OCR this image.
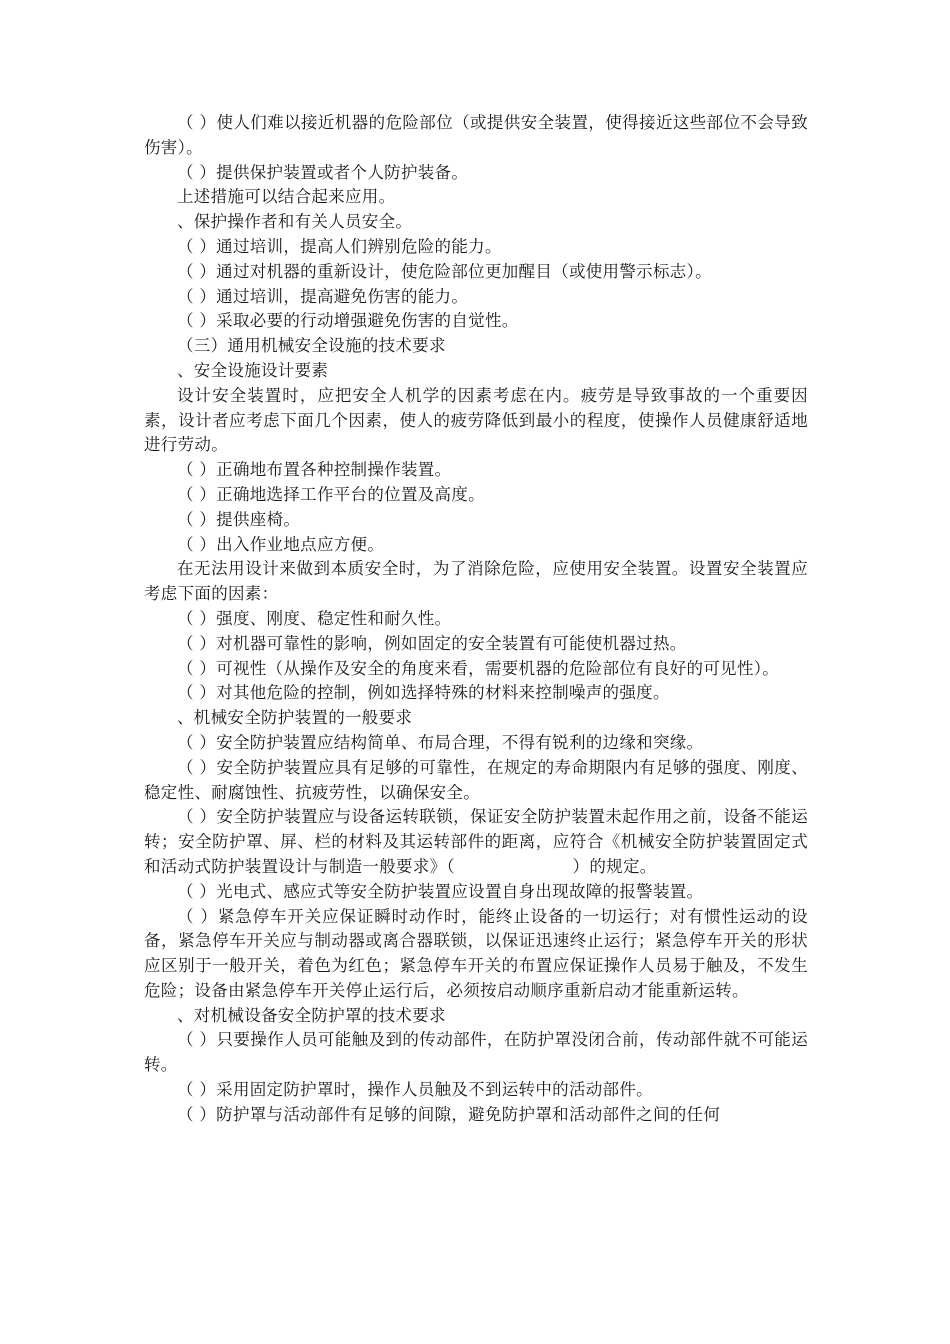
（ ）使人们难以接近机器的危险部位（或提供安全装置，使得接近这些部位不会导致伤害）。

（ ）提供保护装置或者个人防护装备。

上述措施可以结合起来应用。

、保护操作者和有关人员安全。

（ ）通过培训，提高人们辨别危险的能力。

（ ）通过对机器的重新设计，使危险部位更加醒目（或使用警示标志）。

（ ）通过培训，提高避免伤害的能力。

（ ）采取必要的行动增强避免伤害的自觉性。

（三）通用机械安全设施的技术要求

、安全设施设计要素

设计安全装置时，应把安全人机学的因素考虑在内。疲劳是导致事故的一个重要因素，设计者应考虑下面几个因素，使人的疲劳降低到最小的程度，使操作人员健康舒适地进行劳动。

（ ）正确地布置各种控制操作装置。

（ ）正确地选择工作平台的位置及高度。

（ ）提供座椅。

（ ）出入作业地点应方便。

在无法用设计来做到本质安全时，为了消除危险，应使用安全装置。设置安全装置应考虑下面的因素：

（ ）强度、刚度、稳定性和耐久性。

（ ）对机器可靠性的影响，例如固定的安全装置有可能使机器过热。

（ ）可视性（从操作及安全的角度来看，需要机器的危险部位有良好的可见性）。

（ ）对其他危险的控制，例如选择特殊的材料来控制噪声的强度。

、机械安全防护装置的一般要求

（ ）安全防护装置应结构简单、布局合理，不得有锐利的边缘和突缘。

（ ）安全防护装置应具有足够的可靠性，在规定的寿命期限内有足够的强度、刚度、稳定性、耐腐蚀性、抗疲劳性，以确保安全。

（ ）安全防护装置应与设备运转联锁，保证安全防护装置未起作用之前，设备不能运转；安全防护罩、屏、栏的材料及其运转部件的距离，应符合《机械安全防护装置固定式和活动式防护装置设计与制造一般要求》（　　　　　　　）的规定。

（ ）光电式、感应式等安全防护装置应设置自身出现故障的报警装置。

（ ）紧急停车开关应保证瞬时动作时，能终止设备的一切运行；对有惯性运动的设备，紧急停车开关应与制动器或离合器联锁，以保证迅速终止运行；紧急停车开关的形状应区别于一般开关，着色为红色；紧急停车开关的布置应保证操作人员易于触及，不发生危险；设备由紧急停车开关停止运行后，必须按启动顺序重新启动才能重新运转。

、对机械设备安全防护罩的技术要求

（ ）只要操作人员可能触及到的传动部件，在防护罩没闭合前，传动部件就不可能运转。

（ ）采用固定防护罩时，操作人员触及不到运转中的活动部件。

（ ）防护罩与活动部件有足够的间隙，避免防护罩和活动部件之间的任何
